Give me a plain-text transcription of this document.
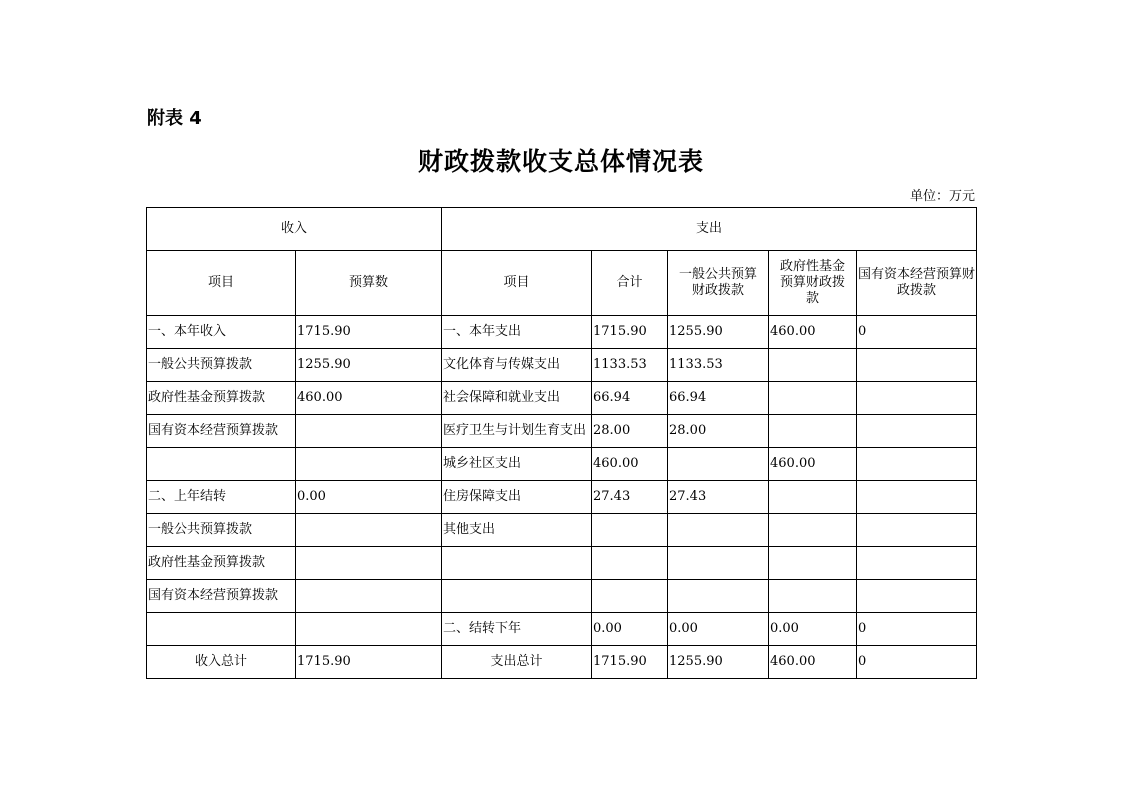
附表 4
财政拨款收支总体情况表
单位：万元
收入		支出				
项目	预算数	项目	合计	一般公共预算财政拨款	政府性基金预算财政拨款	国有资本经营预算财政拨款
一、本年收入	1715.90	一、本年支出	1715.90	1255.90	460.00	0
一般公共预算拨款	1255.90	文化体育与传媒支出	1133.53	1133.53		
政府性基金预算拨款	460.00	社会保障和就业支出	66.94	66.94		
国有资本经营预算拨款		医疗卫生与计划生育支出	28.00	28.00		
		城乡社区支出	460.00		460.00	
二、上年结转	0.00	住房保障支出	27.43	27.43		
一般公共预算拨款		其他支出				
政府性基金预算拨款						
国有资本经营预算拨款						
		二、结转下年	0.00	0.00	0.00	0
收入总计	1715.90	支出总计	1715.90	1255.90	460.00	0
